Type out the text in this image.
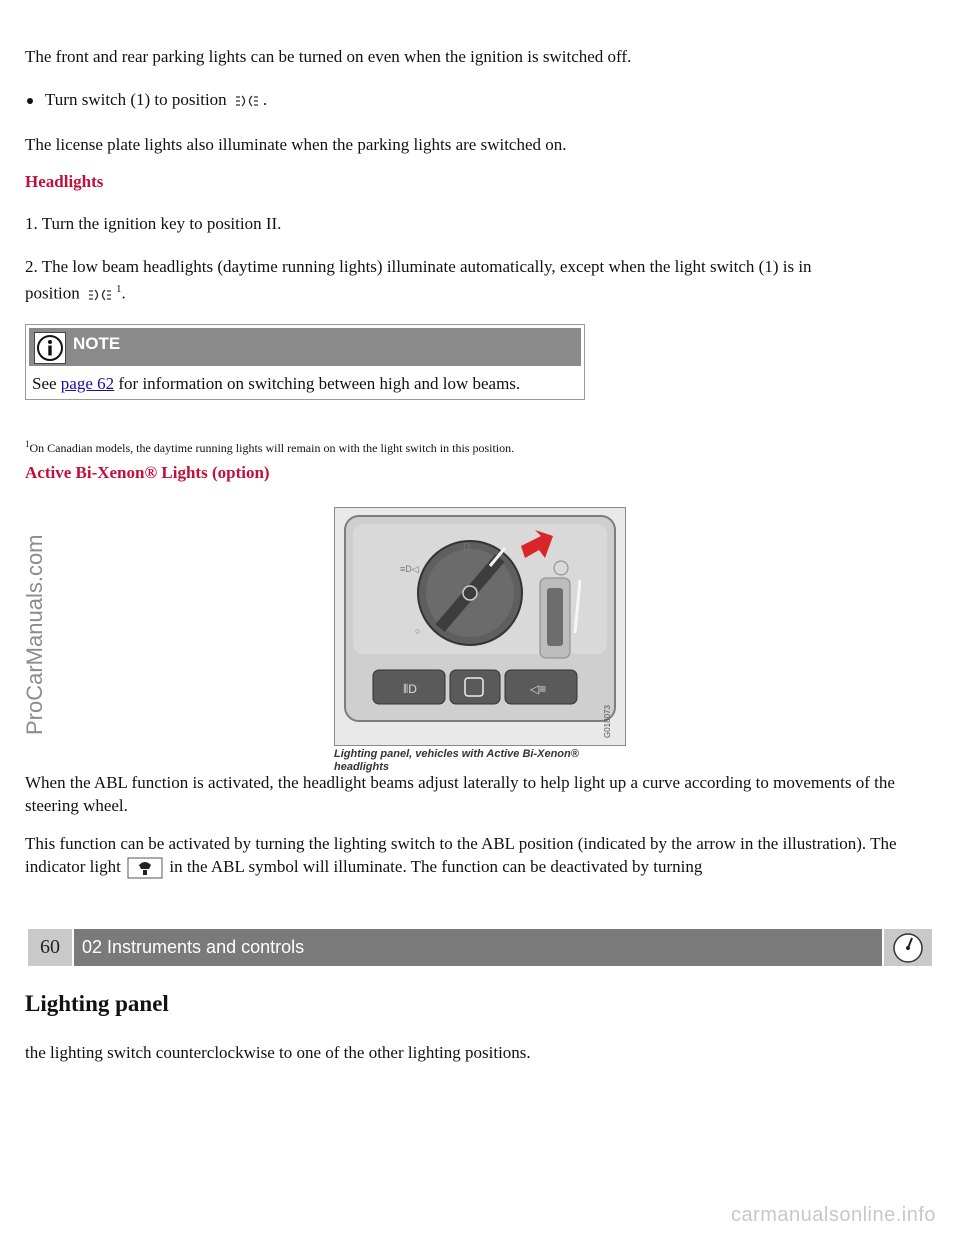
The front and rear parking lights can be turned on even when the ignition is switched off.

Turn switch (1) to position .

The license plate lights also illuminate when the parking lights are switched on.

Headlights

1. Turn the ignition key to position II.

2. The low beam headlights (daytime running lights) illuminate automatically, except when the light switch (1) is in
position	$^1$.

NOTE
See page 62 for information on switching between high and low beams.

$^1$On Canadian models, the daytime running lights will remain on with the light switch in this position.

Active Bi-Xenon® Lights (option)
ProCarManuals.com	≡D◁
D
○
⦀D	◁≡
G018073
Lighting panel, vehicles with Active Bi-Xenon® headlights

When the ABL function is activated, the headlight beams adjust laterally to help light up a curve according to movements of the steering wheel.

This function can be activated by turning the lighting switch to the ABL position (indicated by the arrow in the illustration). The indicator light	in the ABL symbol will illuminate. The function can be deactivated by turning

60	02 Instruments and controls
Lighting panel

the lighting switch counterclockwise to one of the other lighting positions.

carmanualsonline.info
